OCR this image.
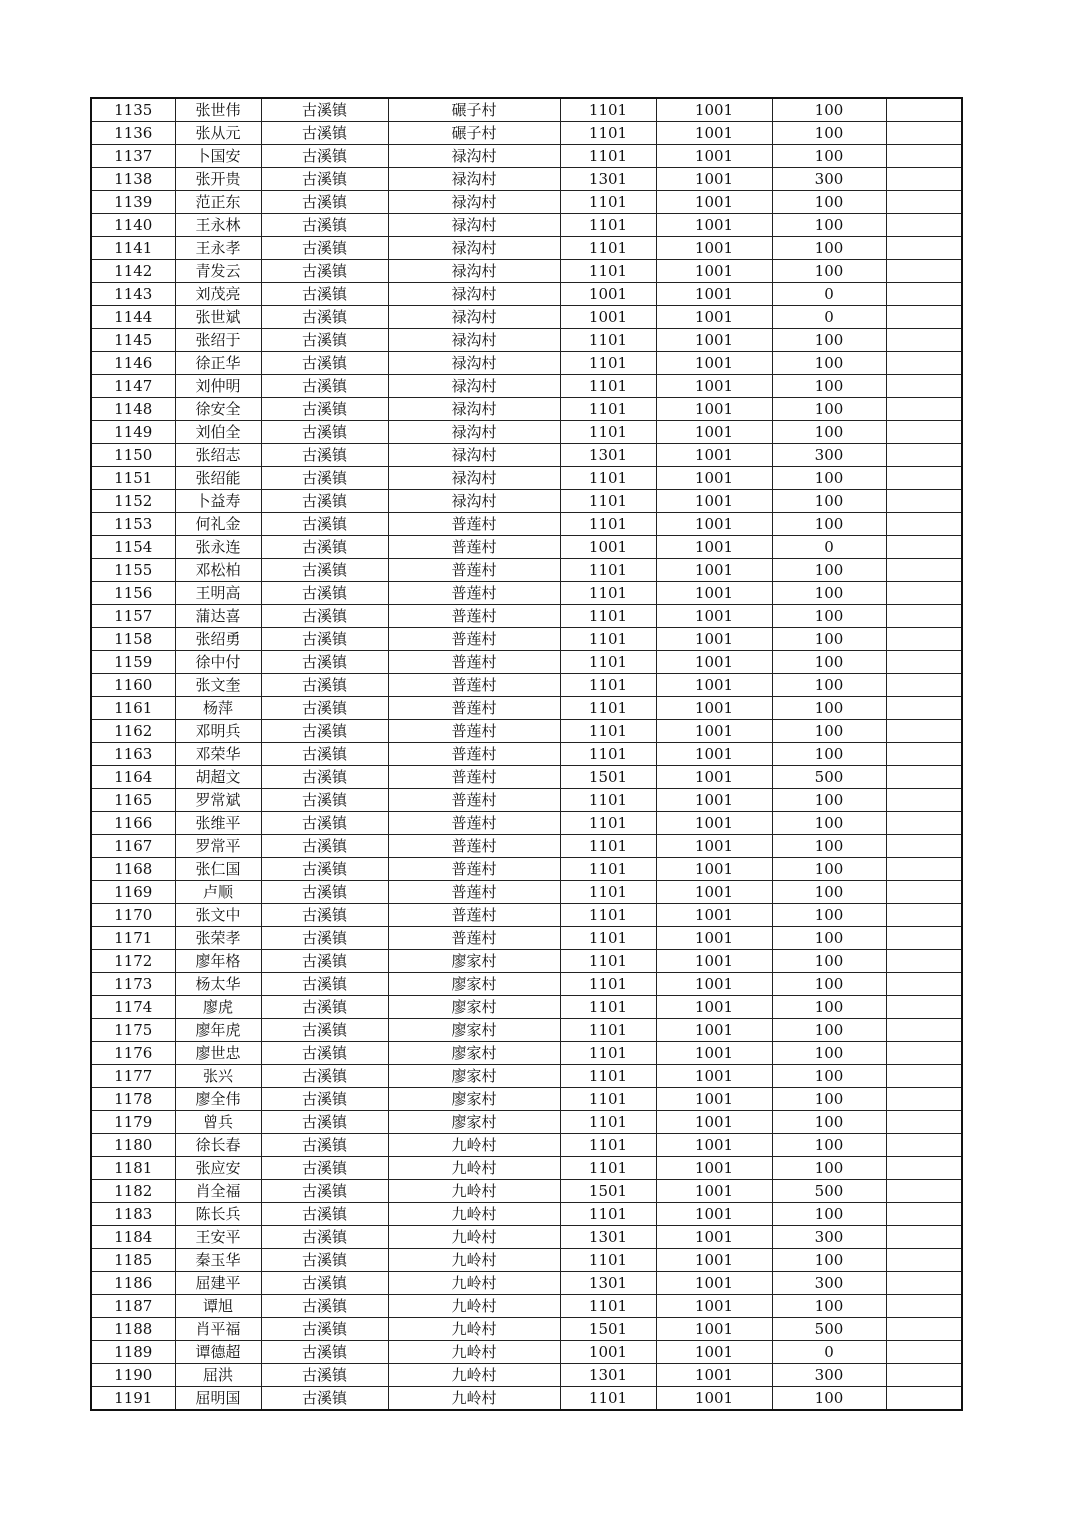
1135	张世伟	古溪镇	碾子村	1101	1001	100	
1136	张从元	古溪镇	碾子村	1101	1001	100	
1137	卜国安	古溪镇	禄沟村	1101	1001	100	
1138	张开贵	古溪镇	禄沟村	1301	1001	300	
1139	范正东	古溪镇	禄沟村	1101	1001	100	
1140	王永林	古溪镇	禄沟村	1101	1001	100	
1141	王永孝	古溪镇	禄沟村	1101	1001	100	
1142	青发云	古溪镇	禄沟村	1101	1001	100	
1143	刘茂亮	古溪镇	禄沟村	1001	1001	0	
1144	张世斌	古溪镇	禄沟村	1001	1001	0	
1145	张绍于	古溪镇	禄沟村	1101	1001	100	
1146	徐正华	古溪镇	禄沟村	1101	1001	100	
1147	刘仲明	古溪镇	禄沟村	1101	1001	100	
1148	徐安全	古溪镇	禄沟村	1101	1001	100	
1149	刘伯全	古溪镇	禄沟村	1101	1001	100	
1150	张绍志	古溪镇	禄沟村	1301	1001	300	
1151	张绍能	古溪镇	禄沟村	1101	1001	100	
1152	卜益寿	古溪镇	禄沟村	1101	1001	100	
1153	何礼金	古溪镇	普莲村	1101	1001	100	
1154	张永连	古溪镇	普莲村	1001	1001	0	
1155	邓松柏	古溪镇	普莲村	1101	1001	100	
1156	王明高	古溪镇	普莲村	1101	1001	100	
1157	蒲达喜	古溪镇	普莲村	1101	1001	100	
1158	张绍勇	古溪镇	普莲村	1101	1001	100	
1159	徐中付	古溪镇	普莲村	1101	1001	100	
1160	张文奎	古溪镇	普莲村	1101	1001	100	
1161	杨萍	古溪镇	普莲村	1101	1001	100	
1162	邓明兵	古溪镇	普莲村	1101	1001	100	
1163	邓荣华	古溪镇	普莲村	1101	1001	100	
1164	胡超文	古溪镇	普莲村	1501	1001	500	
1165	罗常斌	古溪镇	普莲村	1101	1001	100	
1166	张维平	古溪镇	普莲村	1101	1001	100	
1167	罗常平	古溪镇	普莲村	1101	1001	100	
1168	张仁国	古溪镇	普莲村	1101	1001	100	
1169	卢顺	古溪镇	普莲村	1101	1001	100	
1170	张文中	古溪镇	普莲村	1101	1001	100	
1171	张荣孝	古溪镇	普莲村	1101	1001	100	
1172	廖年格	古溪镇	廖家村	1101	1001	100	
1173	杨太华	古溪镇	廖家村	1101	1001	100	
1174	廖虎	古溪镇	廖家村	1101	1001	100	
1175	廖年虎	古溪镇	廖家村	1101	1001	100	
1176	廖世忠	古溪镇	廖家村	1101	1001	100	
1177	张兴	古溪镇	廖家村	1101	1001	100	
1178	廖全伟	古溪镇	廖家村	1101	1001	100	
1179	曾兵	古溪镇	廖家村	1101	1001	100	
1180	徐长春	古溪镇	九岭村	1101	1001	100	
1181	张应安	古溪镇	九岭村	1101	1001	100	
1182	肖全福	古溪镇	九岭村	1501	1001	500	
1183	陈长兵	古溪镇	九岭村	1101	1001	100	
1184	王安平	古溪镇	九岭村	1301	1001	300	
1185	秦玉华	古溪镇	九岭村	1101	1001	100	
1186	屈建平	古溪镇	九岭村	1301	1001	300	
1187	谭旭	古溪镇	九岭村	1101	1001	100	
1188	肖平福	古溪镇	九岭村	1501	1001	500	
1189	谭德超	古溪镇	九岭村	1001	1001	0	
1190	屈洪	古溪镇	九岭村	1301	1001	300	
1191	屈明国	古溪镇	九岭村	1101	1001	100	
